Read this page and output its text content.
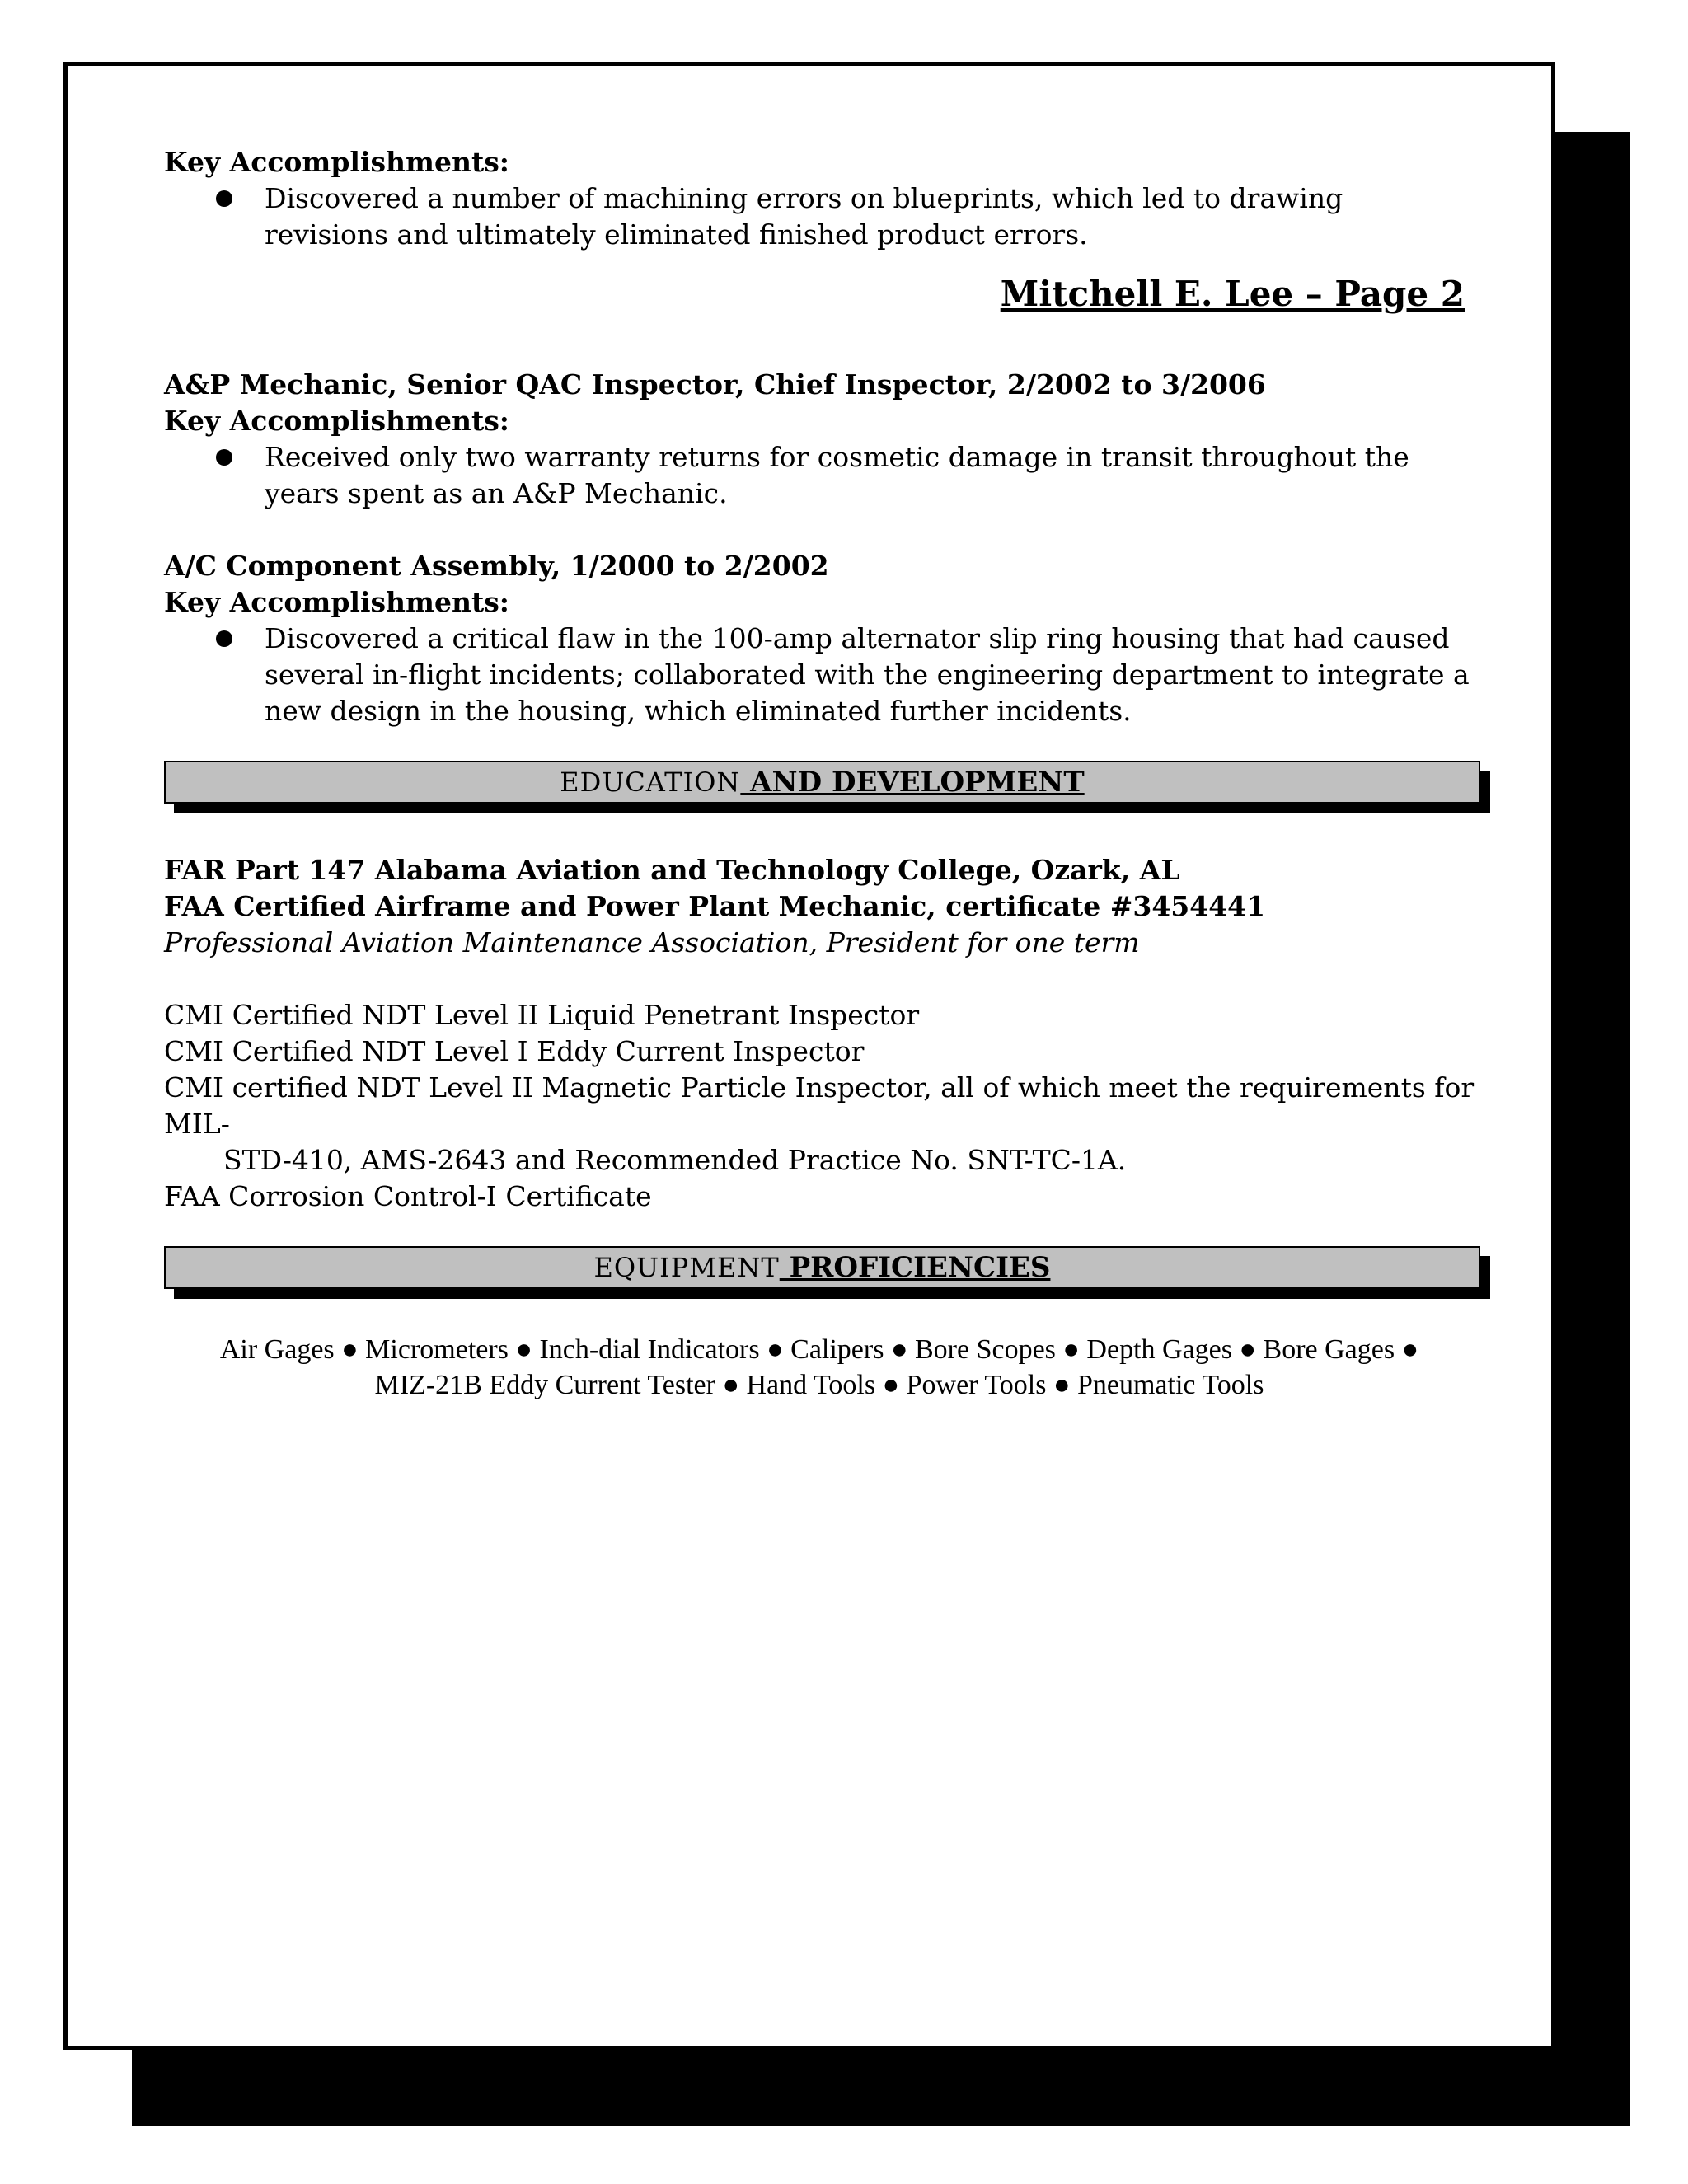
Key Accomplishments:
Discovered a number of machining errors on blueprints, which led to drawing revisions and ultimately eliminated finished product errors.
Mitchell E. Lee – Page 2
A&P Mechanic, Senior QAC Inspector, Chief Inspector, 2/2002 to 3/2006
Key Accomplishments:
Received only two warranty returns for cosmetic damage in transit throughout the years spent as an A&P Mechanic.
A/C Component Assembly, 1/2000 to 2/2002
Key Accomplishments:
Discovered a critical flaw in the 100-amp alternator slip ring housing that had caused several in-flight incidents; collaborated with the engineering department to integrate a new design in the housing, which eliminated further incidents.
EDUCATION AND DEVELOPMENT
FAR Part 147 Alabama Aviation and Technology College, Ozark, AL
FAA Certified Airframe and Power Plant Mechanic, certificate #3454441
Professional Aviation Maintenance Association, President for one term
CMI Certified NDT Level II Liquid Penetrant Inspector
CMI Certified NDT Level I Eddy Current Inspector
CMI certified NDT Level II Magnetic Particle Inspector, all of which meet the requirements for MIL-
STD-410, AMS-2643 and Recommended Practice No. SNT-TC-1A.
FAA Corrosion Control-I Certificate
EQUIPMENT PROFICIENCIES
Air Gages ● Micrometers ● Inch-dial Indicators ● Calipers ● Bore Scopes ● Depth Gages ● Bore Gages ●
MIZ-21B Eddy Current Tester ● Hand Tools ● Power Tools ● Pneumatic Tools
